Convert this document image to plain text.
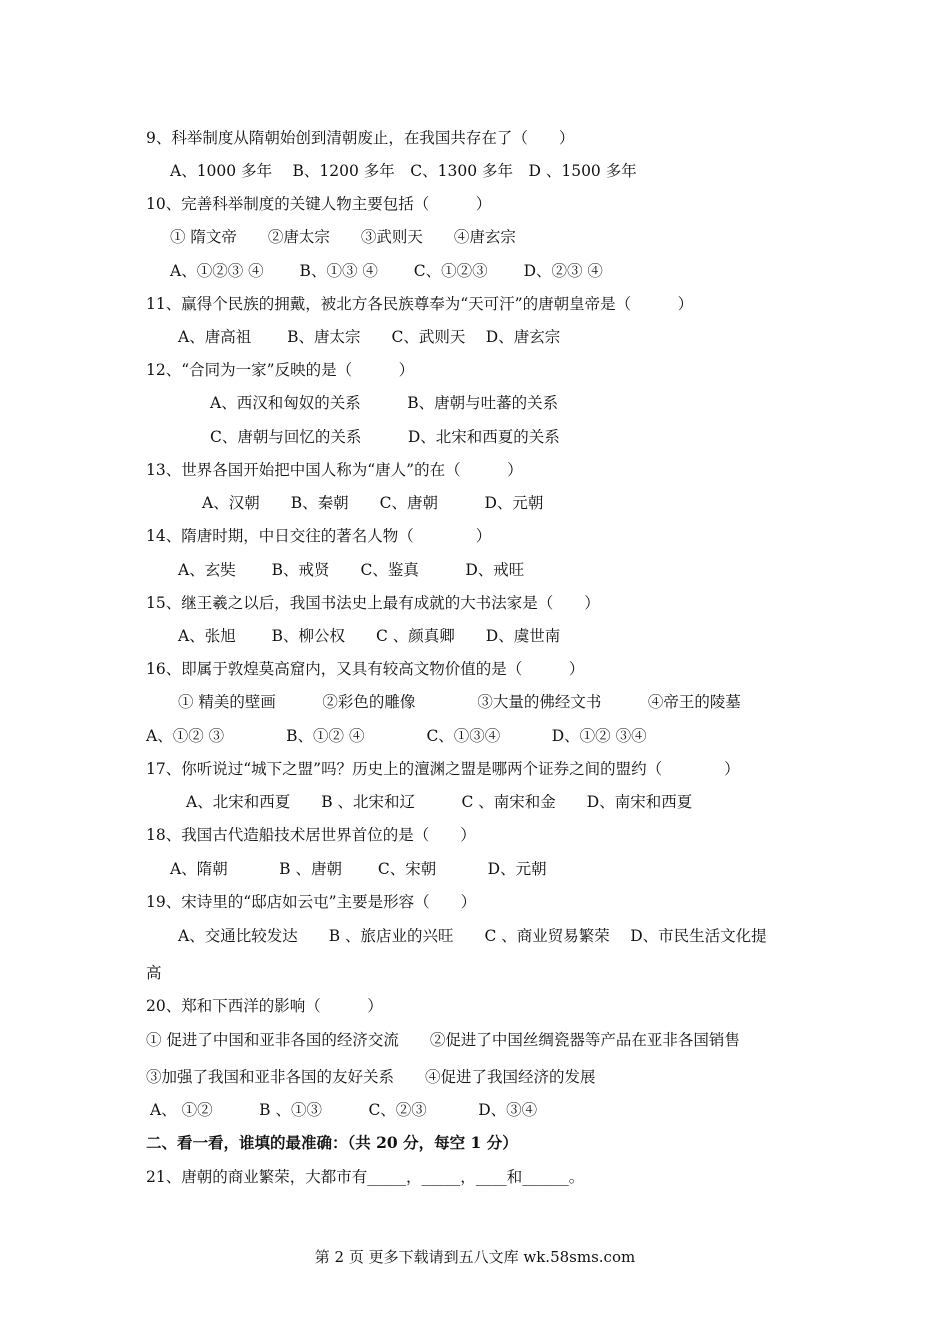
9、科举制度从隋朝始创到清朝废止，在我国共存在了（　　）
A、1000 多年　 B、1200 多年　C、1300 多年　D 、1500 多年
10、完善科举制度的关键人物主要包括（　　　）
① 隋文帝　　②唐太宗　　③武则天　　④唐玄宗
A、①②③ ④　　 B、①③ ④　　 C、①②③　　 D、②③ ④
11、赢得个民族的拥戴，被北方各民族尊奉为“天可汗”的唐朝皇帝是（　　　）
A、唐高祖　　 B、唐太宗　　C、武则天　 D、唐玄宗
12、“合同为一家”反映的是（　　　）
A、西汉和匈奴的关系　　　B、唐朝与吐蕃的关系
C、唐朝与回忆的关系　　　D、北宋和西夏的关系
13、世界各国开始把中国人称为“唐人”的在（　　　）
A、汉朝　　B、秦朝　　C、唐朝　　　D、元朝
14、隋唐时期，中日交往的著名人物（　　　　）
A、玄奘　　 B、戒贤　　C、鉴真　　　D、戒旺
15、继王羲之以后，我国书法史上最有成就的大书法家是（　　）
A、张旭　　 B、柳公权　　C 、颜真卿　　D、虞世南
16、即属于敦煌莫高窟内，又具有较高文物价值的是（　　　）
① 精美的壁画　　　②彩色的雕像　　　　③大量的佛经文书　　　④帝王的陵墓
A、①② ③　　　　B、①② ④　　　　C、①③④　　　 D、①② ③④
17、你听说过“城下之盟”吗？历史上的澶渊之盟是哪两个证券之间的盟约（　　　　）
A、北宋和西夏　　B 、北宋和辽　　　C 、南宋和金　　D、南宋和西夏
18、我国古代造船技术居世界首位的是（　　）
A、隋朝　　　 B 、唐朝　　 C、宋朝　　　 D、元朝
19、宋诗里的“邸店如云屯”主要是形容（　　）
A、交通比较发达　　B 、旅店业的兴旺　　C 、商业贸易繁荣　 D、市民生活文化提
高
20、郑和下西洋的影响（　　　）
① 促进了中国和亚非各国的经济交流　　②促进了中国丝绸瓷器等产品在亚非各国销售
③加强了我国和亚非各国的友好关系　　④促进了我国经济的发展
A、 ①②　　　B 、①③　　　C、②③　　　 D、③④
二、看一看，谁填的最准确：（共 20 分，每空 1 分）
21、唐朝的商业繁荣，大都市有_____，_____，____和______。
第 2 页 更多下载请到五八文库 wk.58sms.com
